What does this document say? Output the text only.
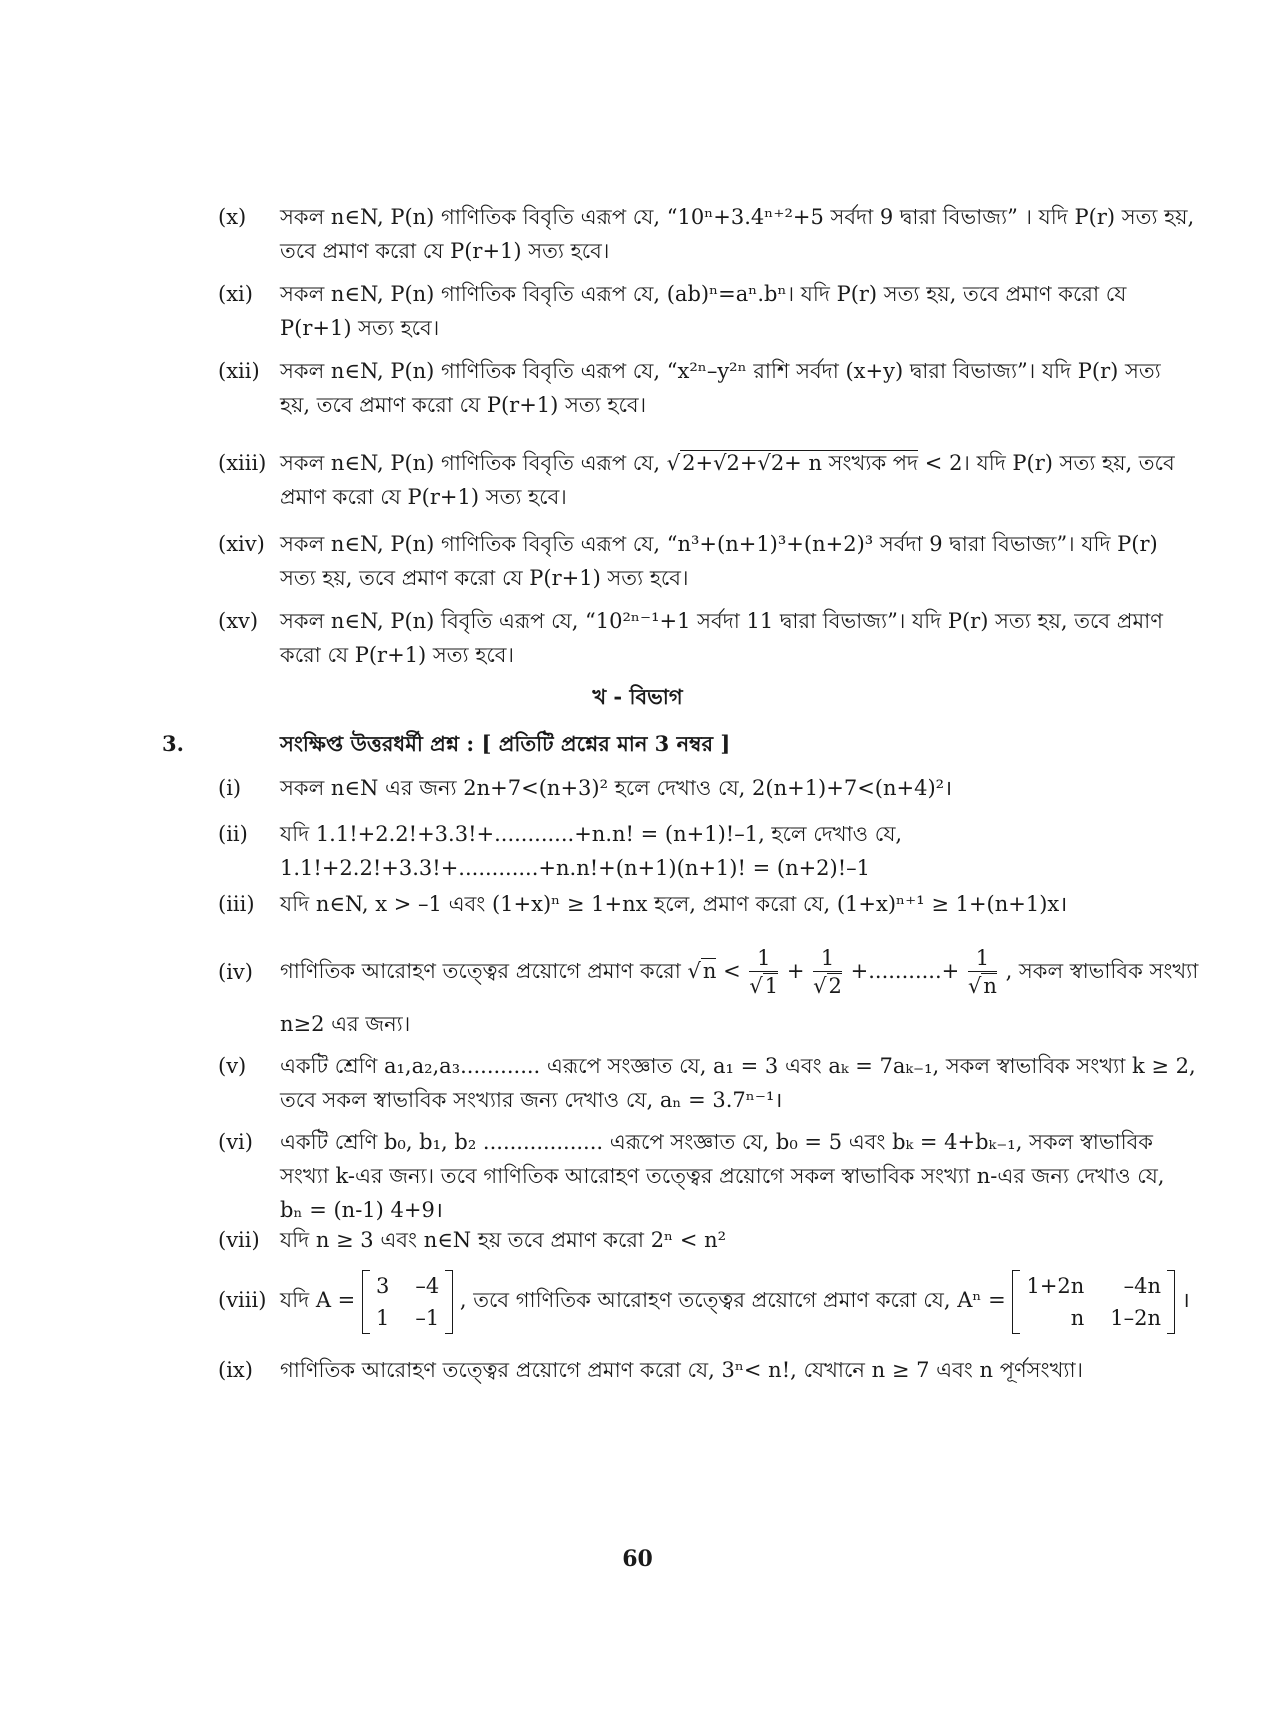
(x)	সকল n∈N, P(n) গাণিতিক বিবৃতি এরূপ যে, “10ⁿ+3.4ⁿ⁺²+5 সর্বদা 9 দ্বারা বিভাজ্য” । যদি P(r) সত্য হয়,
তবে প্রমাণ করো যে P(r+1) সত্য হবে।
(xi)	সকল n∈N, P(n) গাণিতিক বিবৃতি এরূপ যে, (ab)ⁿ=aⁿ.bⁿ। যদি P(r) সত্য হয়, তবে প্রমাণ করো যে
P(r+1) সত্য হবে।
(xii) সকল n∈N, P(n) গাণিতিক বিবৃতি এরূপ যে, “x²ⁿ–y²ⁿ রাশি সর্বদা (x+y) দ্বারা বিভাজ্য”। যদি P(r) সত্য
হয়, তবে প্রমাণ করো যে P(r+1) সত্য হবে।
(xiii) সকল n∈N, P(n) গাণিতিক বিবৃতি এরূপ যে, √2+√2+√2+ n সংখ্যক পদ < 2। যদি P(r) সত্য হয়, তবে
প্রমাণ করো যে P(r+1) সত্য হবে।
(xiv) সকল n∈N, P(n) গাণিতিক বিবৃতি এরূপ যে, “n³+(n+1)³+(n+2)³ সর্বদা 9 দ্বারা বিভাজ্য”। যদি P(r)
সত্য হয়, তবে প্রমাণ করো যে P(r+1) সত্য হবে।
(xv)	সকল n∈N, P(n) বিবৃতি এরূপ যে, “10²ⁿ⁻¹+1 সর্বদা 11 দ্বারা বিভাজ্য”। যদি P(r) সত্য হয়, তবে প্রমাণ
করো যে P(r+1) সত্য হবে।
খ - বিভাগ
3.	সংক্ষিপ্ত উত্তরধর্মী প্রশ্ন : [ প্রতিটি প্রশ্নের মান 3 নম্বর ]
(i)	সকল n∈N এর জন্য 2n+7<(n+3)² হলে দেখাও যে, 2(n+1)+7<(n+4)²।
(ii)	যদি 1.1!+2.2!+3.3!+............+n.n! = (n+1)!–1, হলে দেখাও যে,
1.1!+2.2!+3.3!+............+n.n!+(n+1)(n+1)! = (n+2)!–1
(iii)	যদি n∈N, x > –1 এবং (1+x)ⁿ ≥ 1+nx হলে, প্রমাণ করো যে, (1+x)ⁿ⁺¹ ≥ 1+(n+1)x।
(iv)	গাণিতিক আরোহণ তত্ত্বের প্রয়োগে প্রমাণ করো $√n < \frac{1}{√1} + \frac{1}{√2}$ +...........+ $\frac{1}{√n}$ , সকল স্বাভাবিক সংখ্যা
n≥2 এর জন্য।
(v)	একটি শ্রেণি a₁,a₂,a₃............ এরূপে সংজ্ঞাত যে, a₁ = 3 এবং aₖ = 7aₖ₋₁, সকল স্বাভাবিক সংখ্যা k ≥ 2,
তবে সকল স্বাভাবিক সংখ্যার জন্য দেখাও যে, aₙ = 3.7ⁿ⁻¹।
(vi)	একটি শ্রেণি b₀, b₁, b₂ .................. এরূপে সংজ্ঞাত যে, b₀ = 5 এবং bₖ = 4+bₖ₋₁, সকল স্বাভাবিক
সংখ্যা k-এর জন্য। তবে গাণিতিক আরোহণ তত্ত্বের প্রয়োগে সকল স্বাভাবিক সংখ্যা n-এর জন্য দেখাও যে,
bₙ = (n-1) 4+9।
(vii) যদি n ≥ 3 এবং n∈N হয় তবে প্রমাণ করো 2ⁿ < n²
(viii) যদি A =
3 –4
1 –1
, তবে গাণিতিক আরোহণ তত্ত্বের প্রয়োগে প্রমাণ করো যে, Aⁿ =
1+2n	–4n
n 1–2n
।
(ix)	গাণিতিক আরোহণ তত্ত্বের প্রয়োগে প্রমাণ করো যে, 3ⁿ< n!, যেখানে n ≥ 7 এবং n পূর্ণসংখ্যা।
60
